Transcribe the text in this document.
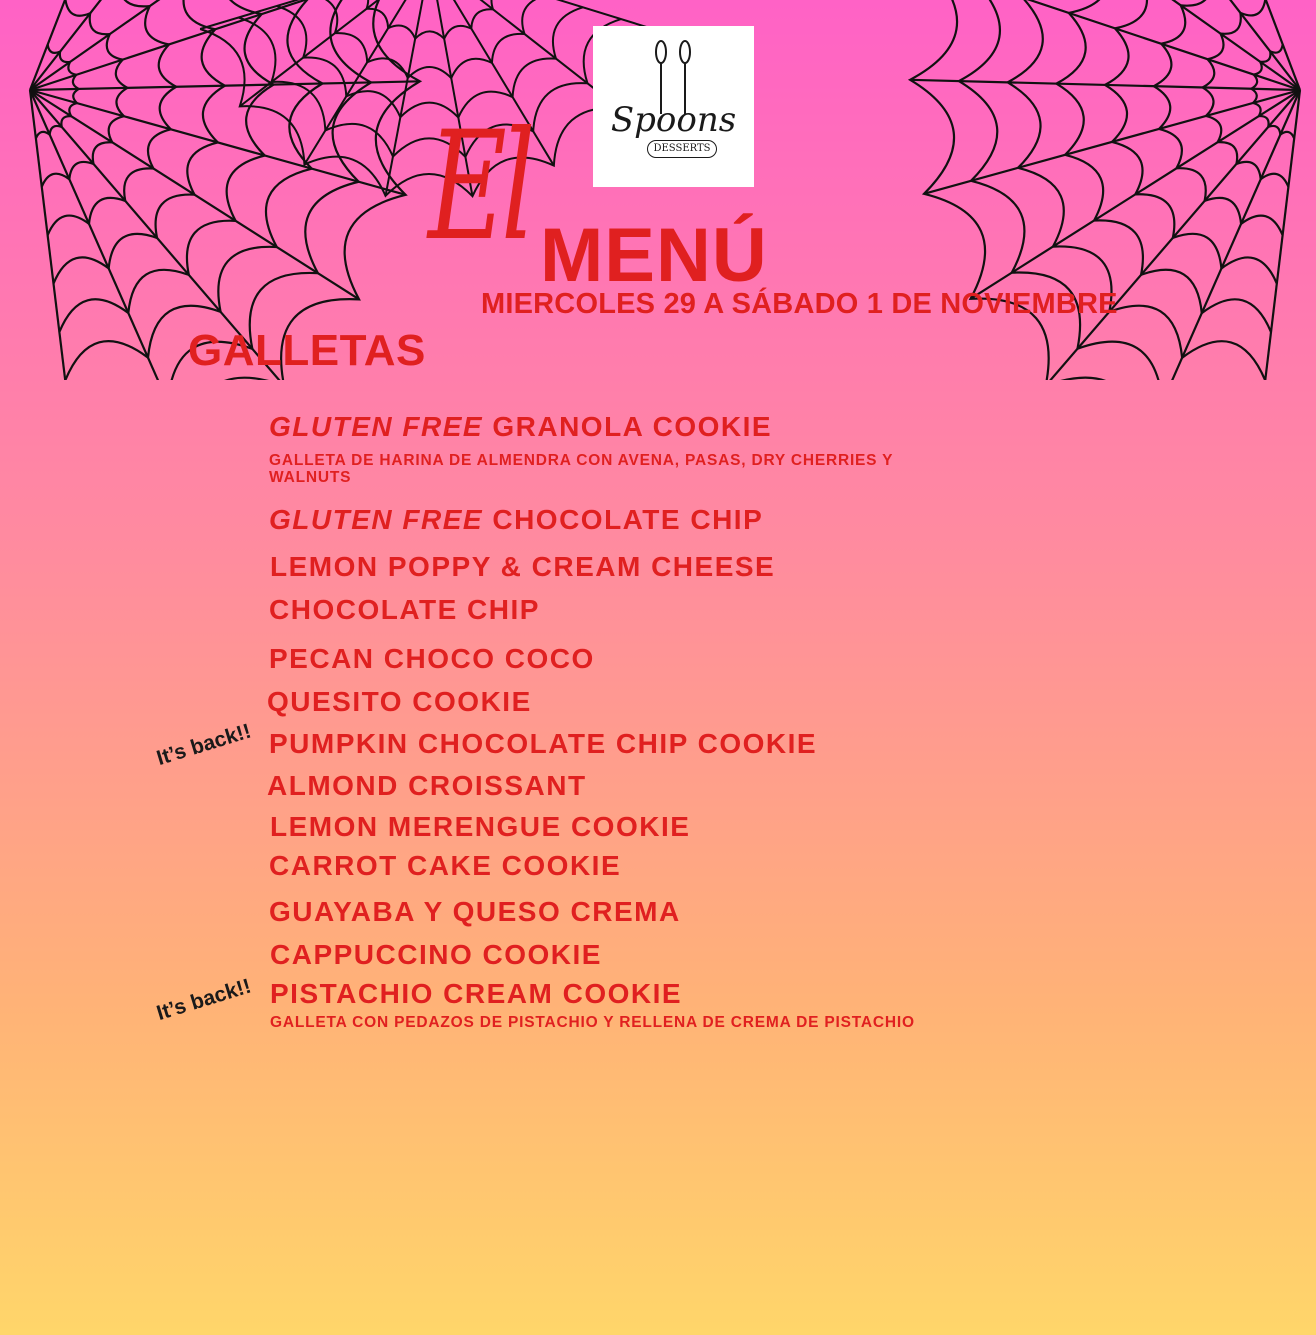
Spoons
DESSERTS
El MENÚ
MIERCOLES 29 A SÁBADO 1 DE NOVIEMBRE
GALLETAS
GLUTEN FREE GRANOLA COOKIE
GALLETA DE HARINA DE ALMENDRA CON AVENA, PASAS, DRY CHERRIES Y WALNUTS
GLUTEN FREE CHOCOLATE CHIP
LEMON POPPY & CREAM CHEESE
CHOCOLATE CHIP
PECAN CHOCO COCO
QUESITO COOKIE
PUMPKIN CHOCOLATE CHIP COOKIE
It’s back!!
ALMOND CROISSANT
LEMON MERENGUE COOKIE
CARROT CAKE COOKIE
GUAYABA Y QUESO CREMA
CAPPUCCINO COOKIE
PISTACHIO CREAM COOKIE
It’s back!! GALLETA CON PEDAZOS DE PISTACHIO Y RELLENA DE CREMA DE PISTACHIO
